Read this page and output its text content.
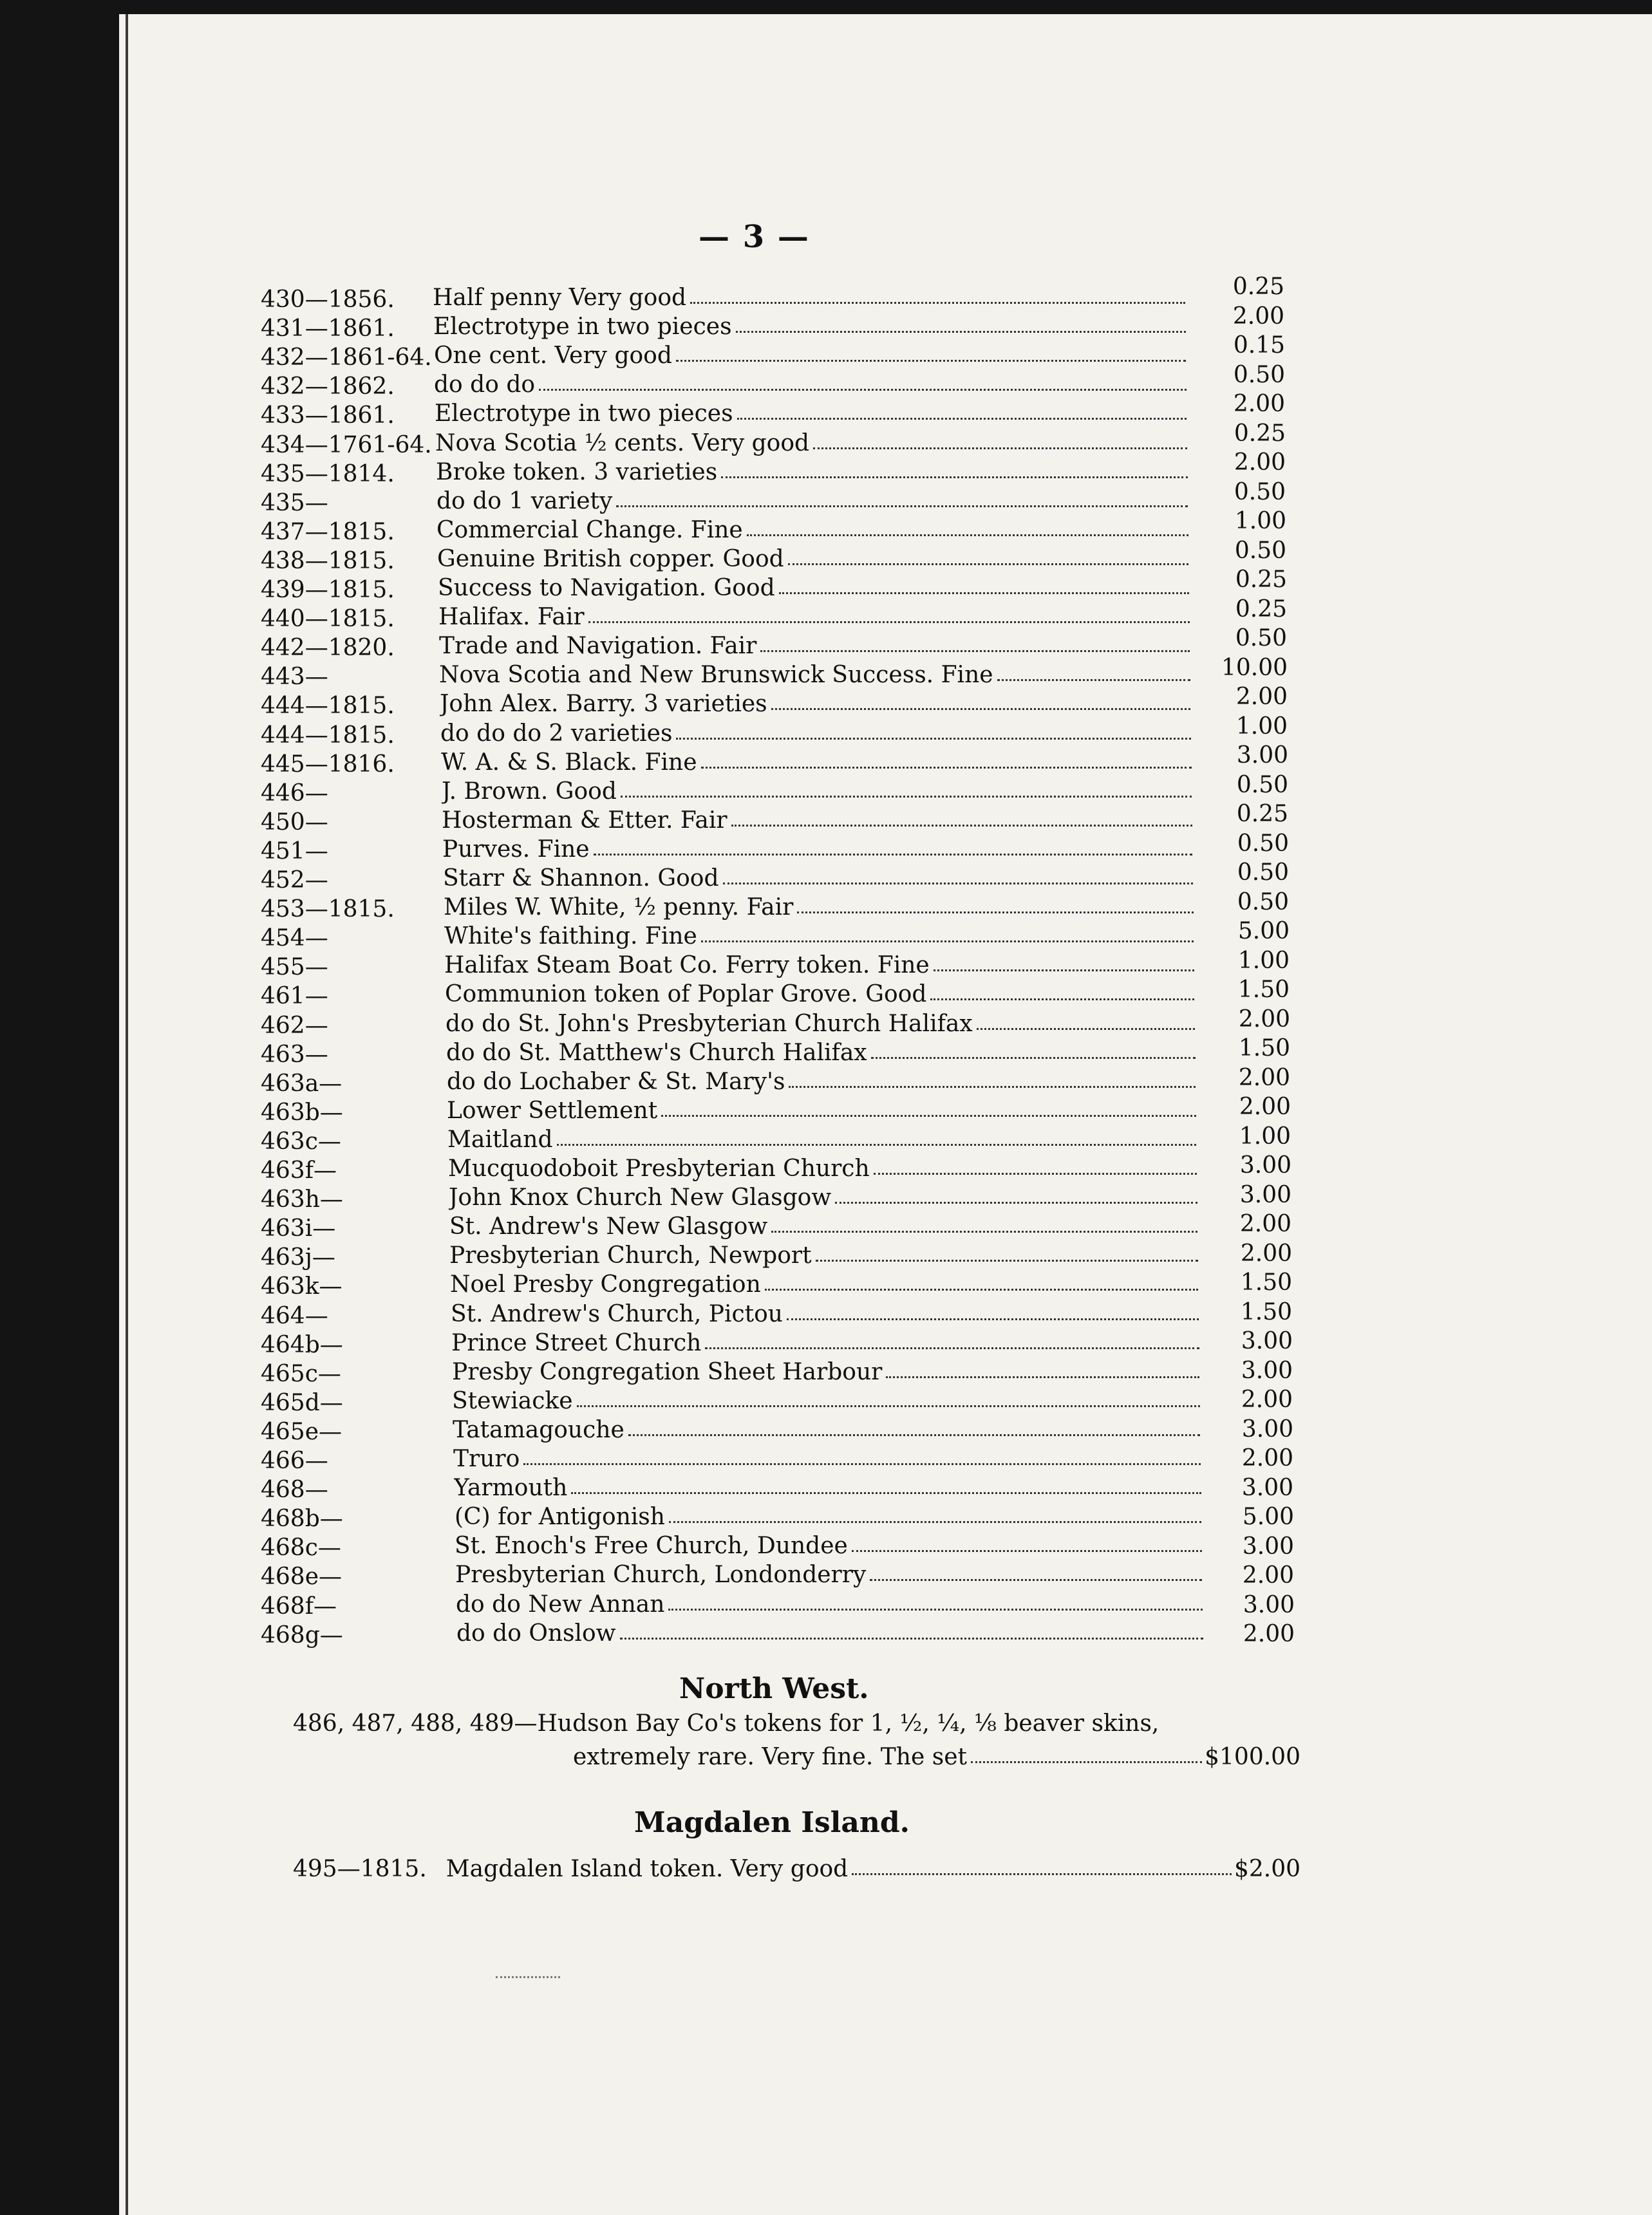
— 3 —
430—1856.	Half penny Very good	0.25
431—1861.	Electrotype in two pieces	2.00
432—1861-64. One cent. Very good	0.15
432—1862.	do do do	0.50
433—1861.	Electrotype in two pieces	2.00
434—1761-64. Nova Scotia ½ cents. Very good	0.25
435—1814.	Broke token. 3 varieties	2.00
435—	do do 1 variety	0.50
437—1815.	Commercial Change. Fine	1.00
438—1815.	Genuine British copper. Good	0.50
439—1815.	Success to Navigation. Good	0.25
440—1815.	Halifax. Fair	0.25
442—1820.	Trade and Navigation. Fair	0.50
443—	Nova Scotia and New Brunswick Success. Fine	10.00
444—1815.	John Alex. Barry. 3 varieties	2.00
444—1815.	do do do 2 varieties	1.00
445—1816.	W. A. & S. Black. Fine	3.00
446—	J. Brown. Good	0.50
450—	Hosterman & Etter. Fair	0.25
451—	Purves. Fine	0.50
452—	Starr & Shannon. Good	0.50
453—1815.	Miles W. White, ½ penny. Fair	0.50
454—	White's faithing. Fine	5.00
455—	Halifax Steam Boat Co. Ferry token. Fine	1.00
461—	Communion token of Poplar Grove. Good	1.50
462—	do do St. John's Presbyterian Church Halifax	2.00
463—	do do St. Matthew's Church Halifax	1.50
463a—	do do Lochaber & St. Mary's	2.00
463b—	Lower Settlement	2.00
463c—	Maitland	1.00
463f—	Mucquodoboit Presbyterian Church	3.00
463h—	John Knox Church New Glasgow	3.00
463i—	St. Andrew's New Glasgow	2.00
463j—	Presbyterian Church, Newport	2.00
463k—	Noel Presby Congregation	1.50
464—	St. Andrew's Church, Pictou	1.50
464b—	Prince Street Church	3.00
465c—	Presby Congregation Sheet Harbour	3.00
465d—	Stewiacke	2.00
465e—	Tatamagouche	3.00
466—	Truro	2.00
468—	Yarmouth	3.00
468b—	(C) for Antigonish	5.00
468c—	St. Enoch's Free Church, Dundee	3.00
468e—	Presbyterian Church, Londonderry	2.00
468f—	do do New Annan	3.00
468g—	do do Onslow	2.00
North West.
486, 487, 488, 489—Hudson Bay Co's tokens for 1, ½, ¼, ⅛ beaver skins,
extremely rare. Very fine. The set	$100.00
Magdalen Island.
495—1815. Magdalen Island token. Very good	$2.00
